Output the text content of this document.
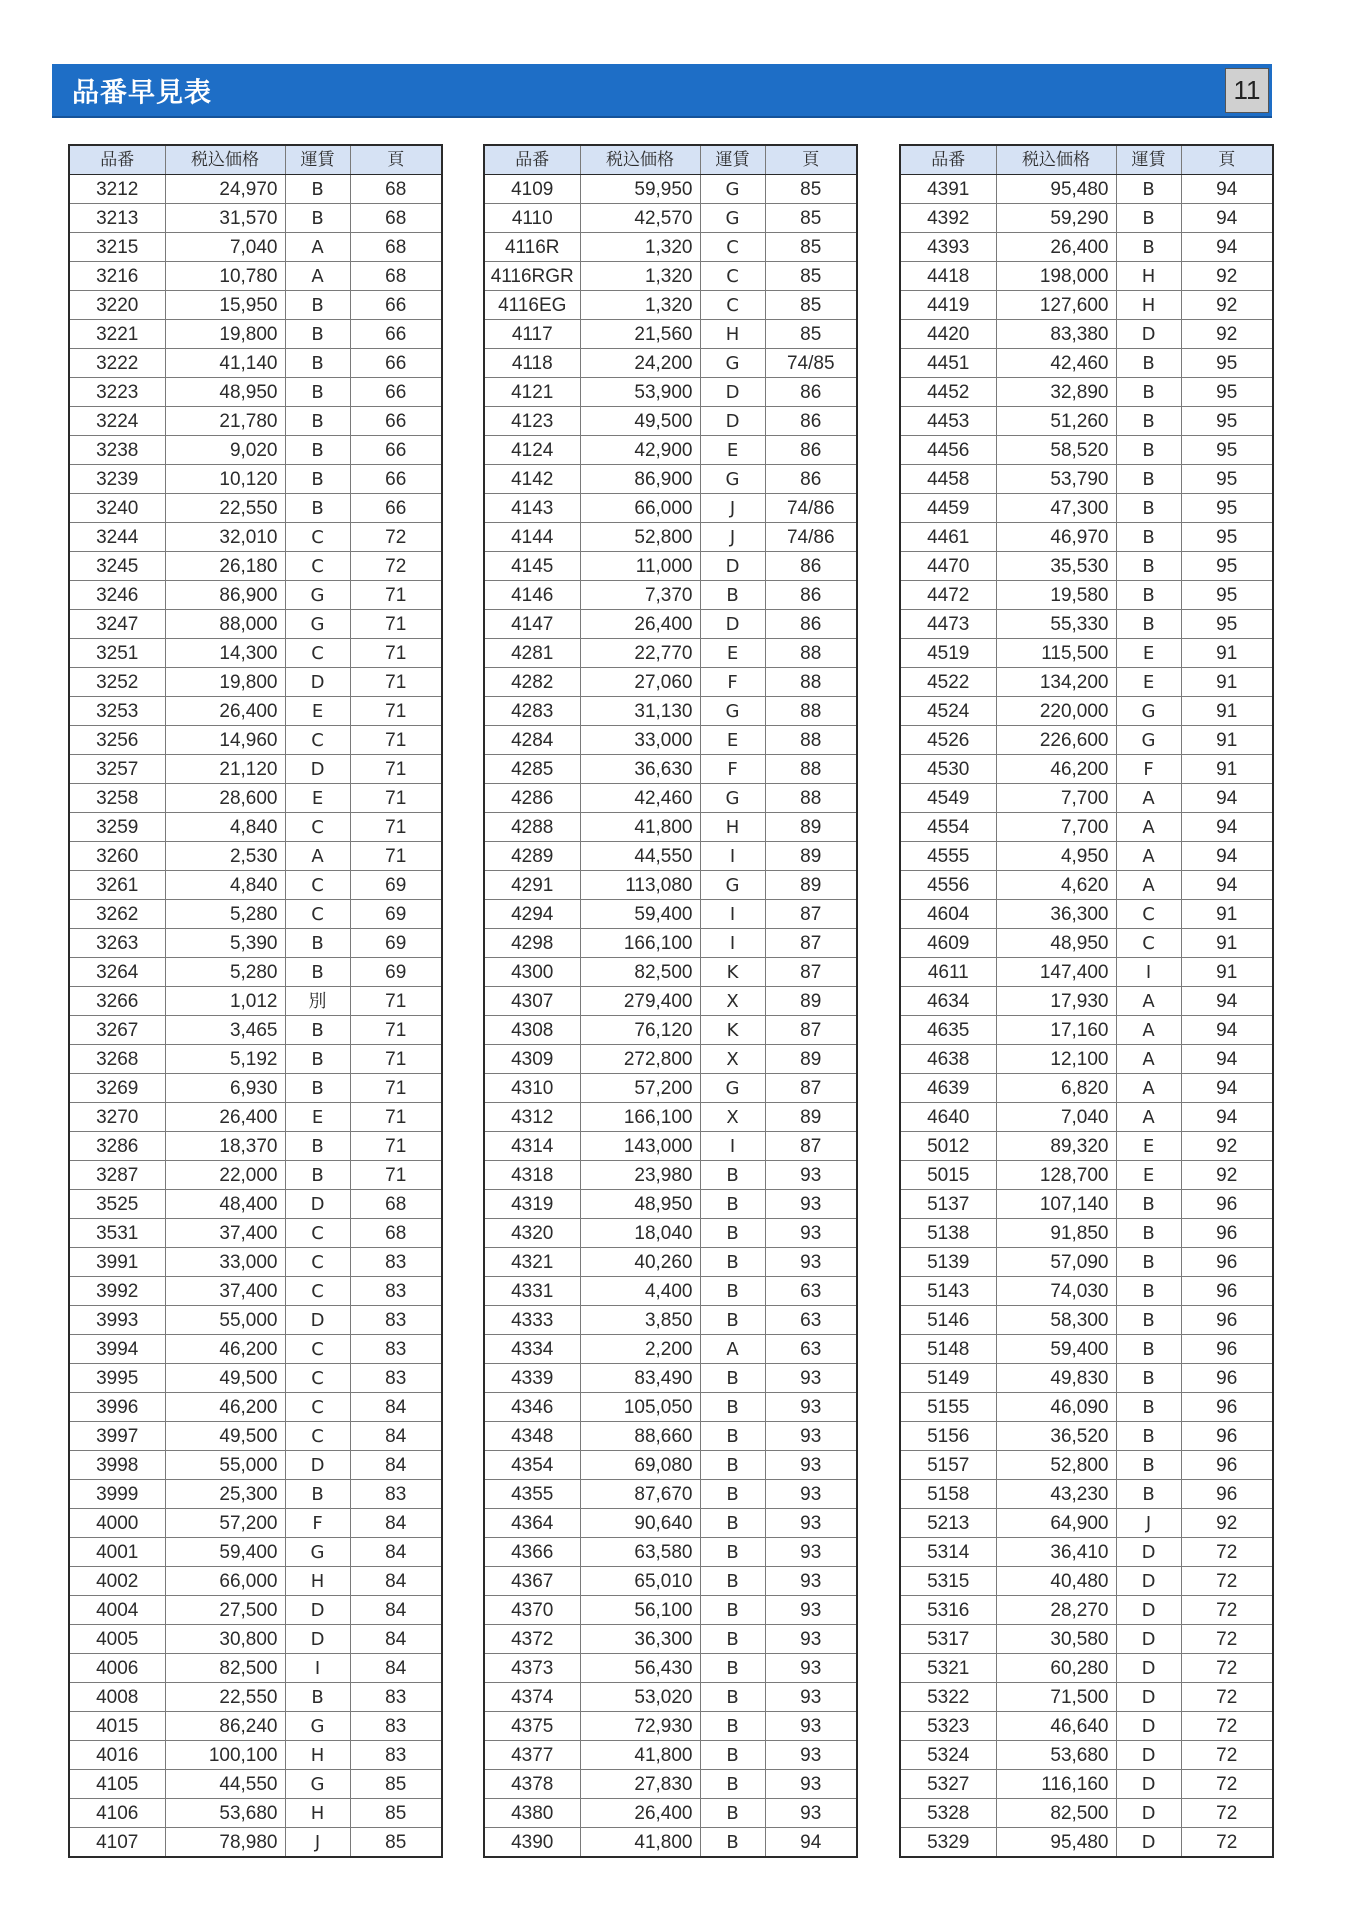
品番早見表	11
品番	税込価格	運賃	頁
3212	24,970	B	68
3213	31,570	B	68
3215	7,040	A	68
3216	10,780	A	68
3220	15,950	B	66
3221	19,800	B	66
3222	41,140	B	66
3223	48,950	B	66
3224	21,780	B	66
3238	9,020	B	66
3239	10,120	B	66
3240	22,550	B	66
3244	32,010	C	72
3245	26,180	C	72
3246	86,900	G	71
3247	88,000	G	71
3251	14,300	C	71
3252	19,800	D	71
3253	26,400	E	71
3256	14,960	C	71
3257	21,120	D	71
3258	28,600	E	71
3259	4,840	C	71
3260	2,530	A	71
3261	4,840	C	69
3262	5,280	C	69
3263	5,390	B	69
3264	5,280	B	69
3266	1,012	別	71
3267	3,465	B	71
3268	5,192	B	71
3269	6,930	B	71
3270	26,400	E	71
3286	18,370	B	71
3287	22,000	B	71
3525	48,400	D	68
3531	37,400	C	68
3991	33,000	C	83
3992	37,400	C	83
3993	55,000	D	83
3994	46,200	C	83
3995	49,500	C	83
3996	46,200	C	84
3997	49,500	C	84
3998	55,000	D	84
3999	25,300	B	83
4000	57,200	F	84
4001	59,400	G	84
4002	66,000	H	84
4004	27,500	D	84
4005	30,800	D	84
4006	82,500	I	84
4008	22,550	B	83
4015	86,240	G	83
4016	100,100	H	83
4105	44,550	G	85
4106	53,680	H	85
4107	78,980	J	85
品番	税込価格	運賃	頁
4109	59,950	G	85
4110	42,570	G	85
4116R	1,320	C	85
4116RGR	1,320	C	85
4116EG	1,320	C	85
4117	21,560	H	85
4118	24,200	G	74/85
4121	53,900	D	86
4123	49,500	D	86
4124	42,900	E	86
4142	86,900	G	86
4143	66,000	J	74/86
4144	52,800	J	74/86
4145	11,000	D	86
4146	7,370	B	86
4147	26,400	D	86
4281	22,770	E	88
4282	27,060	F	88
4283	31,130	G	88
4284	33,000	E	88
4285	36,630	F	88
4286	42,460	G	88
4288	41,800	H	89
4289	44,550	I	89
4291	113,080	G	89
4294	59,400	I	87
4298	166,100	I	87
4300	82,500	K	87
4307	279,400	X	89
4308	76,120	K	87
4309	272,800	X	89
4310	57,200	G	87
4312	166,100	X	89
4314	143,000	I	87
4318	23,980	B	93
4319	48,950	B	93
4320	18,040	B	93
4321	40,260	B	93
4331	4,400	B	63
4333	3,850	B	63
4334	2,200	A	63
4339	83,490	B	93
4346	105,050	B	93
4348	88,660	B	93
4354	69,080	B	93
4355	87,670	B	93
4364	90,640	B	93
4366	63,580	B	93
4367	65,010	B	93
4370	56,100	B	93
4372	36,300	B	93
4373	56,430	B	93
4374	53,020	B	93
4375	72,930	B	93
4377	41,800	B	93
4378	27,830	B	93
4380	26,400	B	93
4390	41,800	B	94
品番	税込価格	運賃	頁
4391	95,480	B	94
4392	59,290	B	94
4393	26,400	B	94
4418	198,000	H	92
4419	127,600	H	92
4420	83,380	D	92
4451	42,460	B	95
4452	32,890	B	95
4453	51,260	B	95
4456	58,520	B	95
4458	53,790	B	95
4459	47,300	B	95
4461	46,970	B	95
4470	35,530	B	95
4472	19,580	B	95
4473	55,330	B	95
4519	115,500	E	91
4522	134,200	E	91
4524	220,000	G	91
4526	226,600	G	91
4530	46,200	F	91
4549	7,700	A	94
4554	7,700	A	94
4555	4,950	A	94
4556	4,620	A	94
4604	36,300	C	91
4609	48,950	C	91
4611	147,400	I	91
4634	17,930	A	94
4635	17,160	A	94
4638	12,100	A	94
4639	6,820	A	94
4640	7,040	A	94
5012	89,320	E	92
5015	128,700	E	92
5137	107,140	B	96
5138	91,850	B	96
5139	57,090	B	96
5143	74,030	B	96
5146	58,300	B	96
5148	59,400	B	96
5149	49,830	B	96
5155	46,090	B	96
5156	36,520	B	96
5157	52,800	B	96
5158	43,230	B	96
5213	64,900	J	92
5314	36,410	D	72
5315	40,480	D	72
5316	28,270	D	72
5317	30,580	D	72
5321	60,280	D	72
5322	71,500	D	72
5323	46,640	D	72
5324	53,680	D	72
5327	116,160	D	72
5328	82,500	D	72
5329	95,480	D	72
